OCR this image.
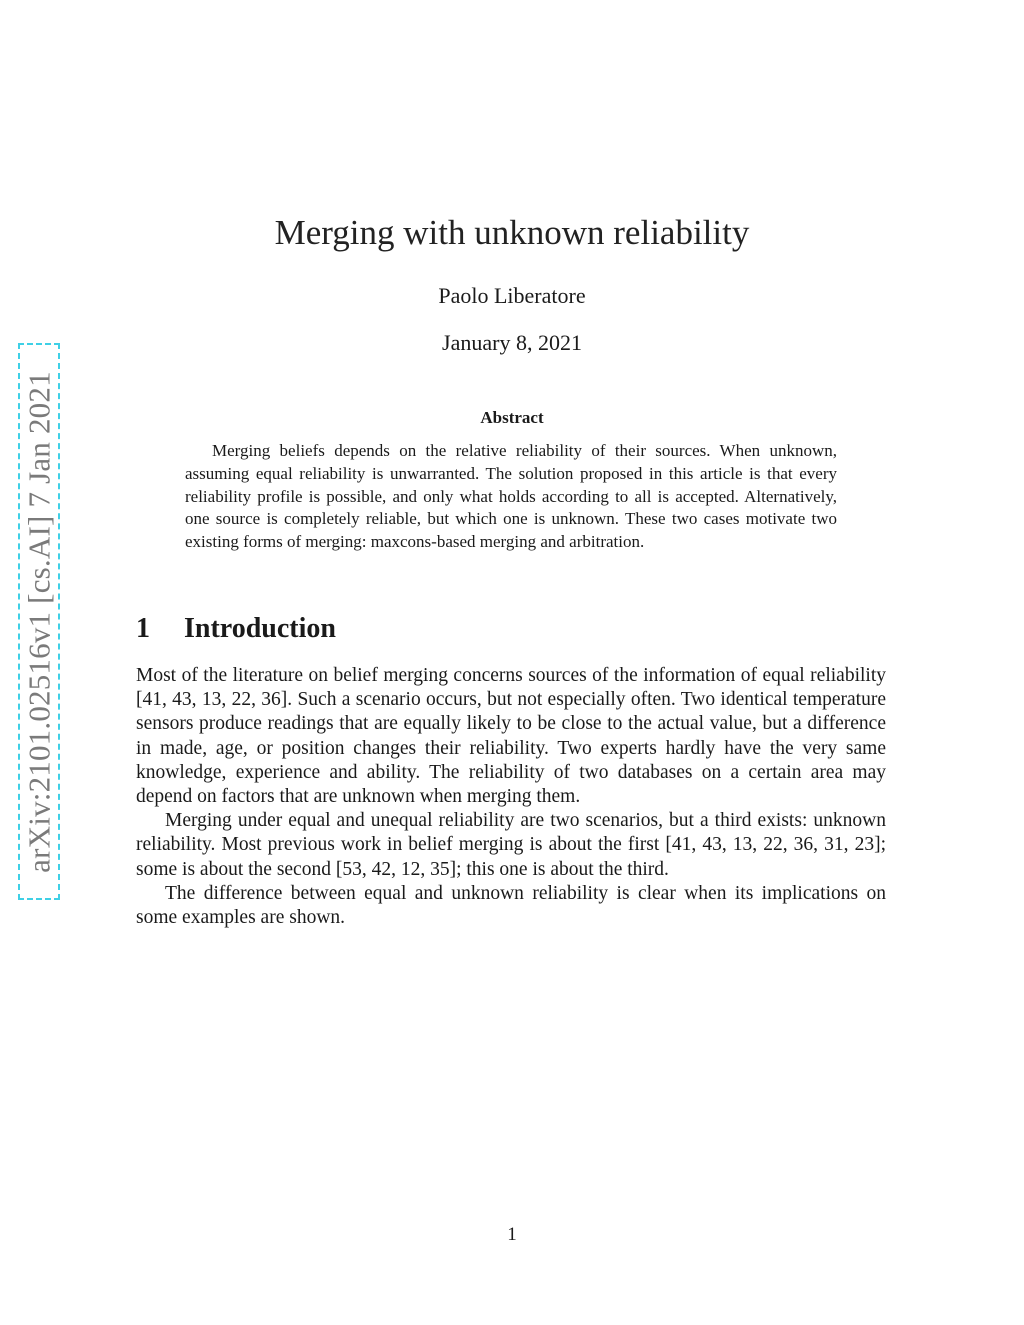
arXiv:2101.02516v1 [cs.AI] 7 Jan 2021
Merging with unknown reliability
Paolo Liberatore
January 8, 2021
Abstract

Merging beliefs depends on the relative reliability of their sources. When unknown, assuming equal reliability is unwarranted. The solution proposed in this article is that every reliability profile is possible, and only what holds according to all is accepted. Alternatively, one source is completely reliable, but which one is unknown. These two cases motivate two existing forms of merging: maxcons-based merging and arbitration.

1 Introduction

Most of the literature on belief merging concerns sources of the information of equal reliability [41, 43, 13, 22, 36]. Such a scenario occurs, but not especially often. Two identical temperature sensors produce readings that are equally likely to be close to the actual value, but a difference in made, age, or position changes their reliability. Two experts hardly have the very same knowledge, experience and ability. The reliability of two databases on a certain area may depend on factors that are unknown when merging them.

Merging under equal and unequal reliability are two scenarios, but a third exists: unknown reliability. Most previous work in belief merging is about the first [41, 43, 13, 22, 36, 31, 23]; some is about the second [53, 42, 12, 35]; this one is about the third.

The difference between equal and unknown reliability is clear when its implications on some examples are shown.

1
